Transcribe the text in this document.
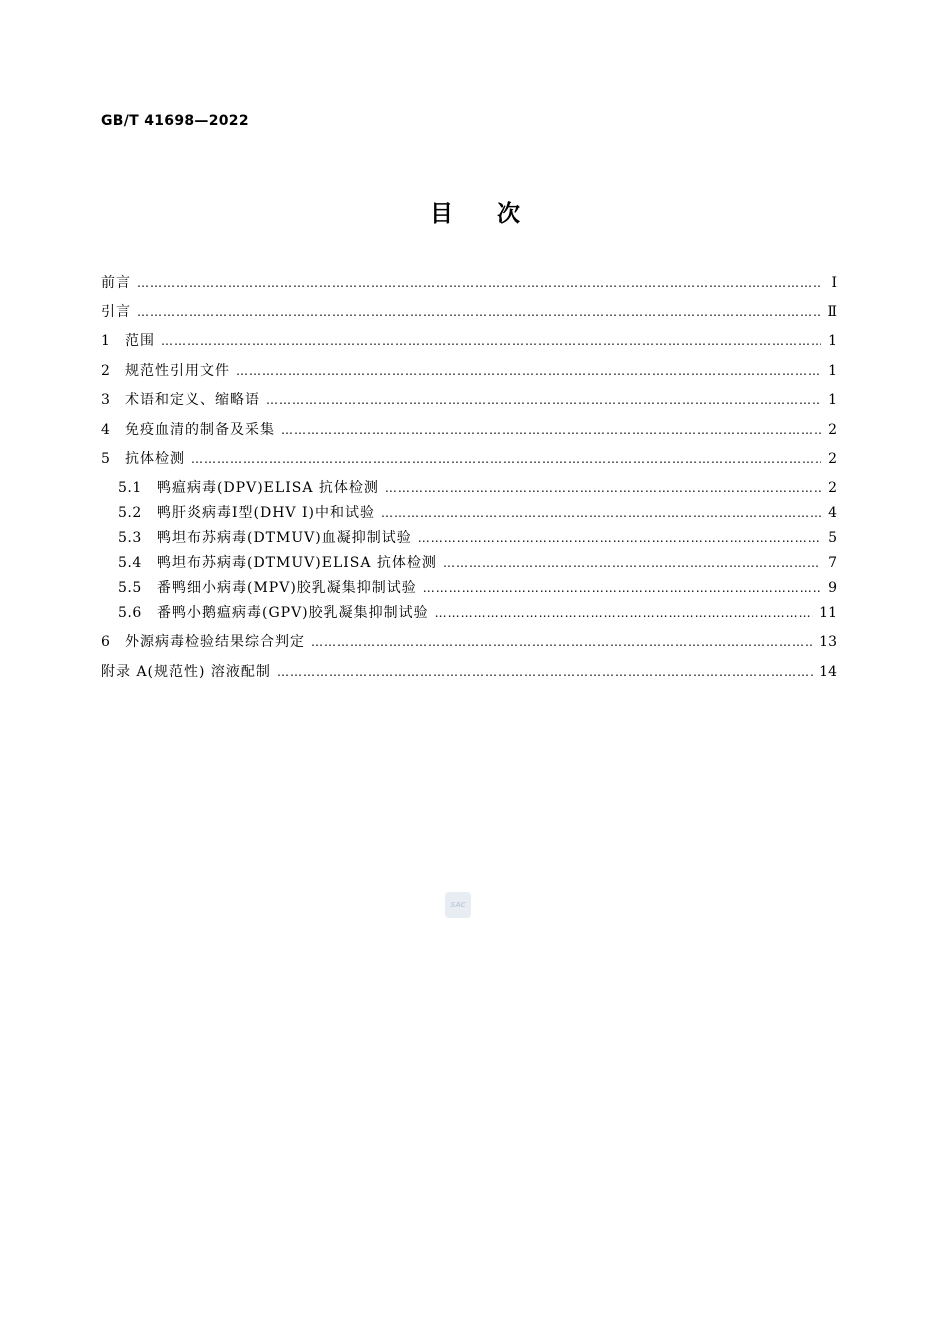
GB/T 41698—2022
目次
前言 …………………………………………………………………………………………………………………………………………………………………………………………………………	Ⅰ
引言 …………………………………………………………………………………………………………………………………………………………………………………………………………	Ⅱ
1	范围 …………………………………………………………………………………………………………………………………………………………………………………………………………	1
2	规范性引用文件 …………………………………………………………………………………………………………………………………………………………………………………………………………	1
3	术语和定义、缩略语 …………………………………………………………………………………………………………………………………………………………………………………………………………	1
4	免疫血清的制备及采集 …………………………………………………………………………………………………………………………………………………………………………………………………………	2
5	抗体检测 …………………………………………………………………………………………………………………………………………………………………………………………………………	2
5.1	鸭瘟病毒(DPV)ELISA 抗体检测 …………………………………………………………………………………………………………………………………………………………………………………………………………	2
5.2	鸭肝炎病毒Ⅰ型(DHV Ⅰ)中和试验 …………………………………………………………………………………………………………………………………………………………………………………………………………	4
5.3	鸭坦布苏病毒(DTMUV)血凝抑制试验 …………………………………………………………………………………………………………………………………………………………………………………………………………	5
5.4	鸭坦布苏病毒(DTMUV)ELISA 抗体检测 …………………………………………………………………………………………………………………………………………………………………………………………………………	7
5.5	番鸭细小病毒(MPV)胶乳凝集抑制试验 …………………………………………………………………………………………………………………………………………………………………………………………………………	9
5.6	番鸭小鹅瘟病毒(GPV)胶乳凝集抑制试验 …………………………………………………………………………………………………………………………………………………………………………………………………………	11
6	外源病毒检验结果综合判定 …………………………………………………………………………………………………………………………………………………………………………………………………………	13
附录 A(规范性) 溶液配制 …………………………………………………………………………………………………………………………………………………………………………………………………………	14
SAC
